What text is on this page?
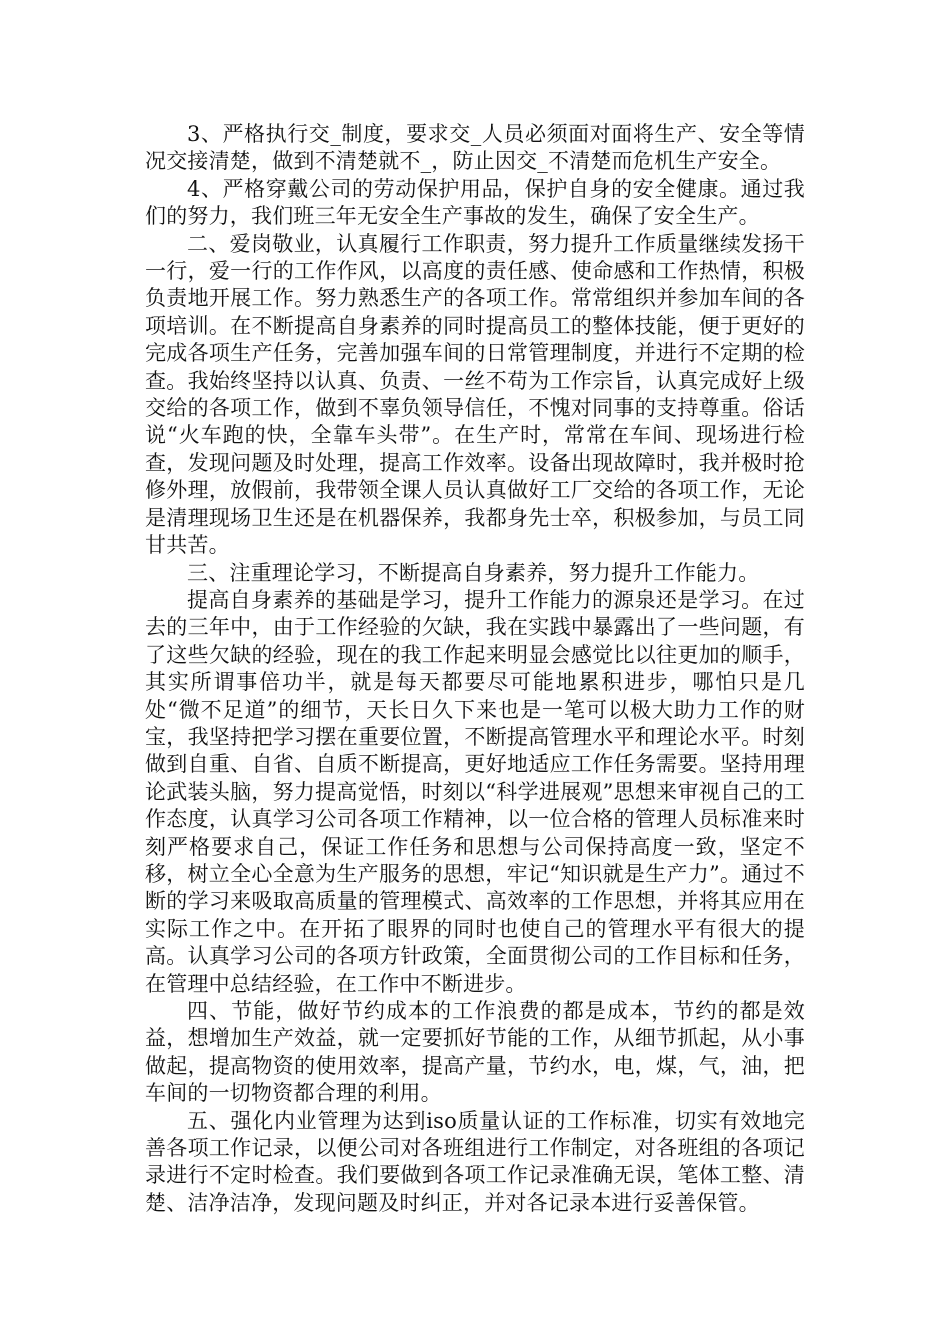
3、严格执行交_制度，要求交_人员必须面对面将生产、安全等情况交接清楚，做到不清楚就不_，防止因交_不清楚而危机生产安全。

4、严格穿戴公司的劳动保护用品，保护自身的安全健康。通过我们的努力，我们班三年无安全生产事故的发生，确保了安全生产。

二、爱岗敬业，认真履行工作职责，努力提升工作质量继续发扬干一行，爱一行的工作作风，以高度的责任感、使命感和工作热情，积极负责地开展工作。努力熟悉生产的各项工作。常常组织并参加车间的各项培训。在不断提高自身素养的同时提高员工的整体技能，便于更好的完成各项生产任务，完善加强车间的日常管理制度，并进行不定期的检查。我始终坚持以认真、负责、一丝不苟为工作宗旨，认真完成好上级交给的各项工作，做到不辜负领导信任，不愧对同事的支持尊重。俗话说“火车跑的快，全靠车头带”。在生产时，常常在车间、现场进行检查，发现问题及时处理，提高工作效率。设备出现故障时，我并极时抢修外理，放假前，我带领全课人员认真做好工厂交给的各项工作，无论是清理现场卫生还是在机器保养，我都身先士卒，积极参加，与员工同甘共苦。

三、注重理论学习，不断提高自身素养，努力提升工作能力。

提高自身素养的基础是学习，提升工作能力的源泉还是学习。在过去的三年中，由于工作经验的欠缺，我在实践中暴露出了一些问题，有了这些欠缺的经验，现在的我工作起来明显会感觉比以往更加的顺手，其实所谓事倍功半，就是每天都要尽可能地累积进步，哪怕只是几处“微不足道”的细节，天长日久下来也是一笔可以极大助力工作的财宝，我坚持把学习摆在重要位置，不断提高管理水平和理论水平。时刻做到自重、自省、自质不断提高，更好地适应工作任务需要。坚持用理论武装头脑，努力提高觉悟，时刻以“科学进展观”思想来审视自己的工作态度，认真学习公司各项工作精神，以一位合格的管理人员标准来时刻严格要求自己，保证工作任务和思想与公司保持高度一致，坚定不移，树立全心全意为生产服务的思想，牢记“知识就是生产力”。通过不断的学习来吸取高质量的管理模式、高效率的工作思想，并将其应用在实际工作之中。在开拓了眼界的同时也使自己的管理水平有很大的提高。认真学习公司的各项方针政策，全面贯彻公司的工作目标和任务，在管理中总结经验，在工作中不断进步。

四、节能，做好节约成本的工作浪费的都是成本，节约的都是效益，想增加生产效益，就一定要抓好节能的工作，从细节抓起，从小事做起，提高物资的使用效率，提高产量，节约水，电，煤，气，油，把车间的一切物资都合理的利用。

五、强化内业管理为达到iso质量认证的工作标准，切实有效地完善各项工作记录，以便公司对各班组进行工作制定，对各班组的各项记录进行不定时检查。我们要做到各项工作记录准确无误，笔体工整、清楚、洁净洁净，发现问题及时纠正，并对各记录本进行妥善保管。
